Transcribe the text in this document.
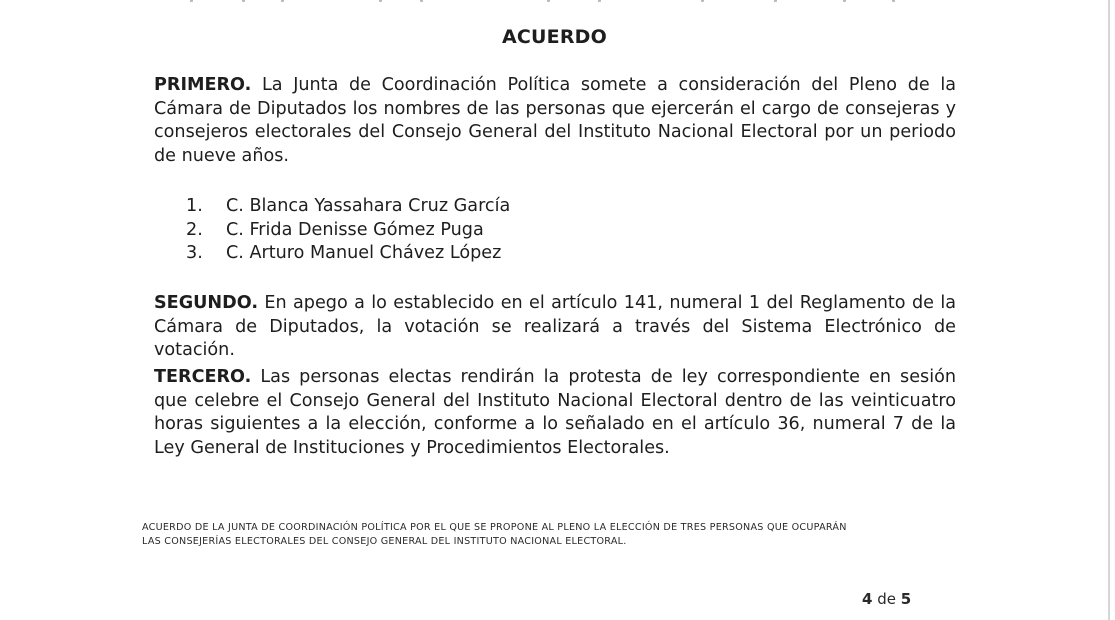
ACUERDO
PRIMERO. La Junta de Coordinación Política somete a consideración del Pleno de la Cámara de Diputados los nombres de las personas que ejercerán el cargo de consejeras y consejeros electorales del Consejo General del Instituto Nacional Electoral por un periodo de nueve años.
1. C. Blanca Yassahara Cruz García
2. C. Frida Denisse Gómez Puga
3. C. Arturo Manuel Chávez López
SEGUNDO. En apego a lo establecido en el artículo 141, numeral 1 del Reglamento de la Cámara de Diputados, la votación se realizará a través del Sistema Electrónico de votación.
TERCERO. Las personas electas rendirán la protesta de ley correspondiente en sesión que celebre el Consejo General del Instituto Nacional Electoral dentro de las veinticuatro horas siguientes a la elección, conforme a lo señalado en el artículo 36, numeral 7 de la Ley General de Instituciones y Procedimientos Electorales.
ACUERDO DE LA JUNTA DE COORDINACIÓN POLÍTICA POR EL QUE SE PROPONE AL PLENO LA ELECCIÓN DE TRES PERSONAS QUE OCUPARÁN
LAS CONSEJERÍAS ELECTORALES DEL CONSEJO GENERAL DEL INSTITUTO NACIONAL ELECTORAL.
4 de 5
